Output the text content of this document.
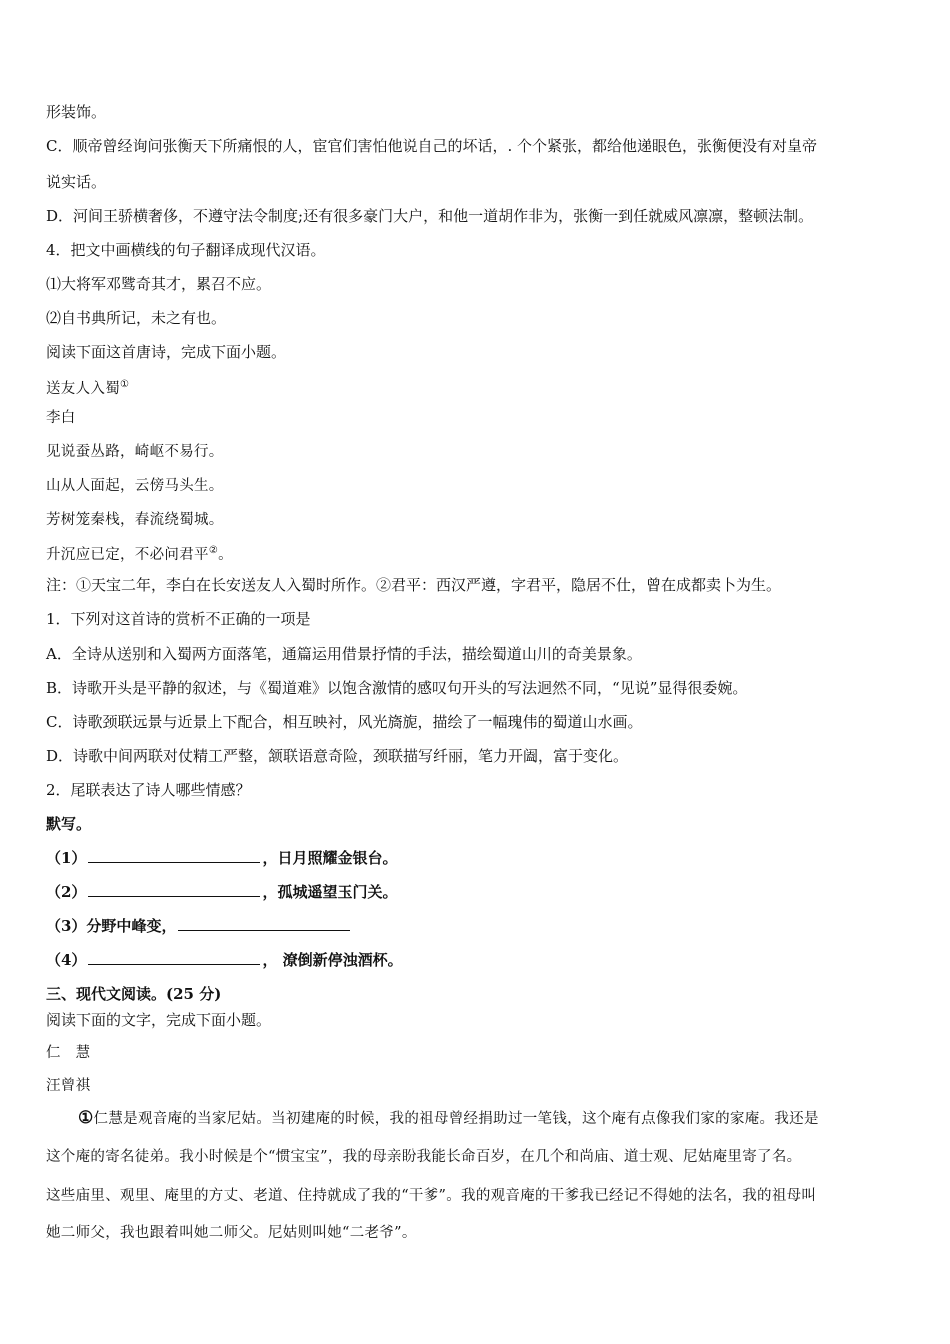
形装饰。
C．顺帝曾经询问张衡天下所痛恨的人，宦官们害怕他说自己的坏话，. 个个紧张，都给他递眼色，张衡便没有对皇帝
说实话。
D．河间王骄横奢侈，不遵守法令制度;还有很多豪门大户，和他一道胡作非为，张衡一到任就威风凛凛，整顿法制。
4．把文中画横线的句子翻译成现代汉语。
⑴大将军邓骘奇其才，累召不应。
⑵自书典所记，未之有也。
阅读下面这首唐诗，完成下面小题。
送友人入蜀①
李白
见说蚕丛路，崎岖不易行。
山从人面起，云傍马头生。
芳树笼秦栈，春流绕蜀城。
升沉应已定，不必问君平②。
注：①天宝二年，李白在长安送友人入蜀时所作。②君平：西汉严遵，字君平，隐居不仕，曾在成都卖卜为生。
1．下列对这首诗的赏析不正确的一项是
A．全诗从送别和入蜀两方面落笔，通篇运用借景抒情的手法，描绘蜀道山川的奇美景象。
B．诗歌开头是平静的叙述，与《蜀道难》以饱含激情的感叹句开头的写法迥然不同，“见说”显得很委婉。
C．诗歌颈联远景与近景上下配合，相互映衬，风光旖旎，描绘了一幅瑰伟的蜀道山水画。
D．诗歌中间两联对仗精工严整，颔联语意奇险，颈联描写纤丽，笔力开阖，富于变化。
2．尾联表达了诗人哪些情感？
默写。
（1）	，日月照耀金银台。
（2）	，孤城遥望玉门关。
（3）分野中峰变，
（4）	， 潦倒新停浊酒杯。
三、现代文阅读。(25 分)
阅读下面的文字，完成下面小题。
仁　慧
汪曾祺
①仁慧是观音庵的当家尼姑。当初建庵的时候，我的祖母曾经捐助过一笔钱，这个庵有点像我们家的家庵。我还是
这个庵的寄名徒弟。我小时候是个“惯宝宝”，我的母亲盼我能长命百岁，在几个和尚庙、道士观、尼姑庵里寄了名。
这些庙里、观里、庵里的方丈、老道、住持就成了我的“干爹”。我的观音庵的干爹我已经记不得她的法名，我的祖母叫
她二师父，我也跟着叫她二师父。尼姑则叫她“二老爷”。
